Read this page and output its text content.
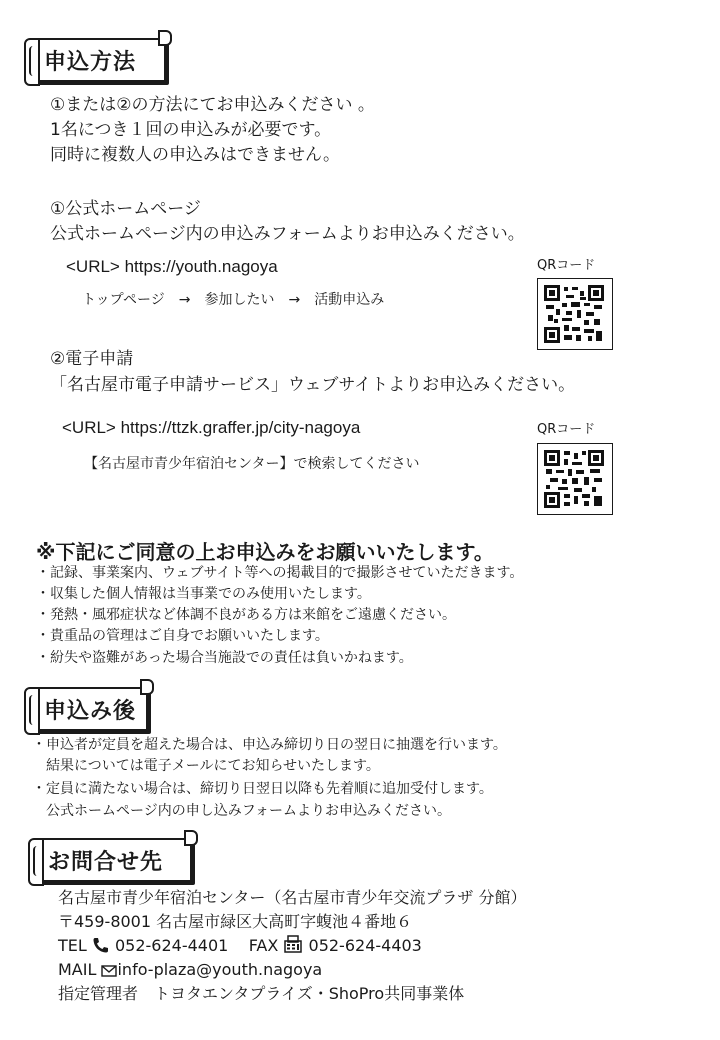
申込方法
①または②の方法にてお申込みください 。
1名につき１回の申込みが必要です。
同時に複数人の申込みはできません。
①公式ホームページ
公式ホームページ内の申込みフォームよりお申込みください。
<URL> https://youth.nagoya
トップページ　→　参加したい　→　活動申込み
QRコード
②電子申請
「名古屋市電子申請サービス」ウェブサイトよりお申込みください。
<URL> https://ttzk.graffer.jp/city-nagoya
【名古屋市青少年宿泊センター】で検索してください
QRコード
※下記にご同意の上お申込みをお願いいたします。
・記録、事業案内、ウェブサイト等への掲載目的で撮影させていただきます。
・収集した個人情報は当事業でのみ使用いたします。
・発熱・風邪症状など体調不良がある方は来館をご遠慮ください。
・貴重品の管理はご自身でお願いいたします。
・紛失や盗難があった場合当施設での責任は負いかねます。
申込み後
・申込者が定員を超えた場合は、申込み締切り日の翌日に抽選を行います。
　結果については電子メールにてお知らせいたします。
・定員に満たない場合は、締切り日翌日以降も先着順に追加受付します。
　公式ホームページ内の申し込みフォームよりお申込みください。
お問合せ先
名古屋市青少年宿泊センター（名古屋市青少年交流プラザ 分館）
〒459-8001 名古屋市緑区大高町字蝮池４番地６
TEL 052-624-4401 FAX 052-624-4403
MAIL info-plaza@youth.nagoya
指定管理者　トヨタエンタプライズ・ShoPro共同事業体
